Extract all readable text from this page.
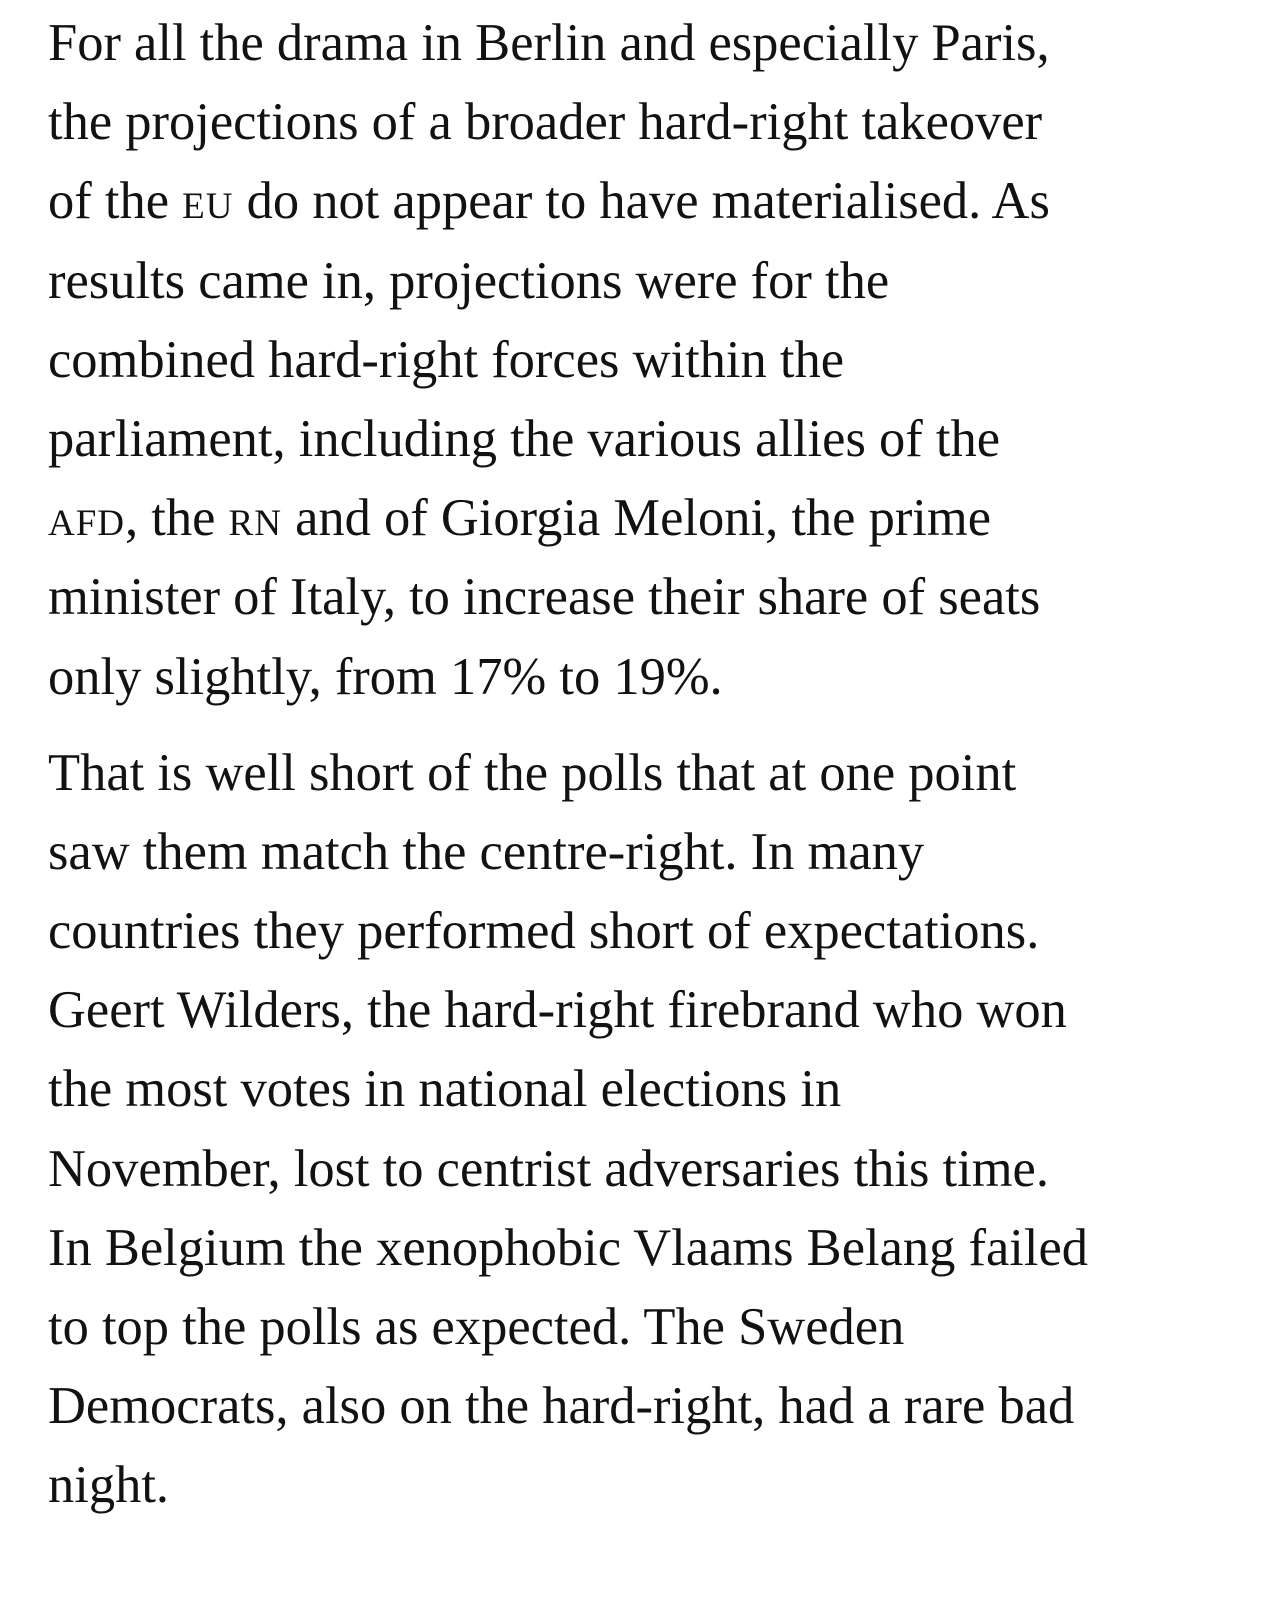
For all the drama in Berlin and especially Paris,
the projections of a broader hard-right takeover
of the eu do not appear to have materialised. As
results came in, projections were for the
combined hard-right forces within the
parliament, including the various allies of the
afd, the rn and of Giorgia Meloni, the prime
minister of Italy, to increase their share of seats
only slightly, from 17% to 19%.

That is well short of the polls that at one point
saw them match the centre-right. In many
countries they performed short of expectations.
Geert Wilders, the hard-right firebrand who won
the most votes in national elections in
November, lost to centrist adversaries this time.
In Belgium the xenophobic Vlaams Belang failed
to top the polls as expected. The Sweden
Democrats, also on the hard-right, had a rare bad
night.
